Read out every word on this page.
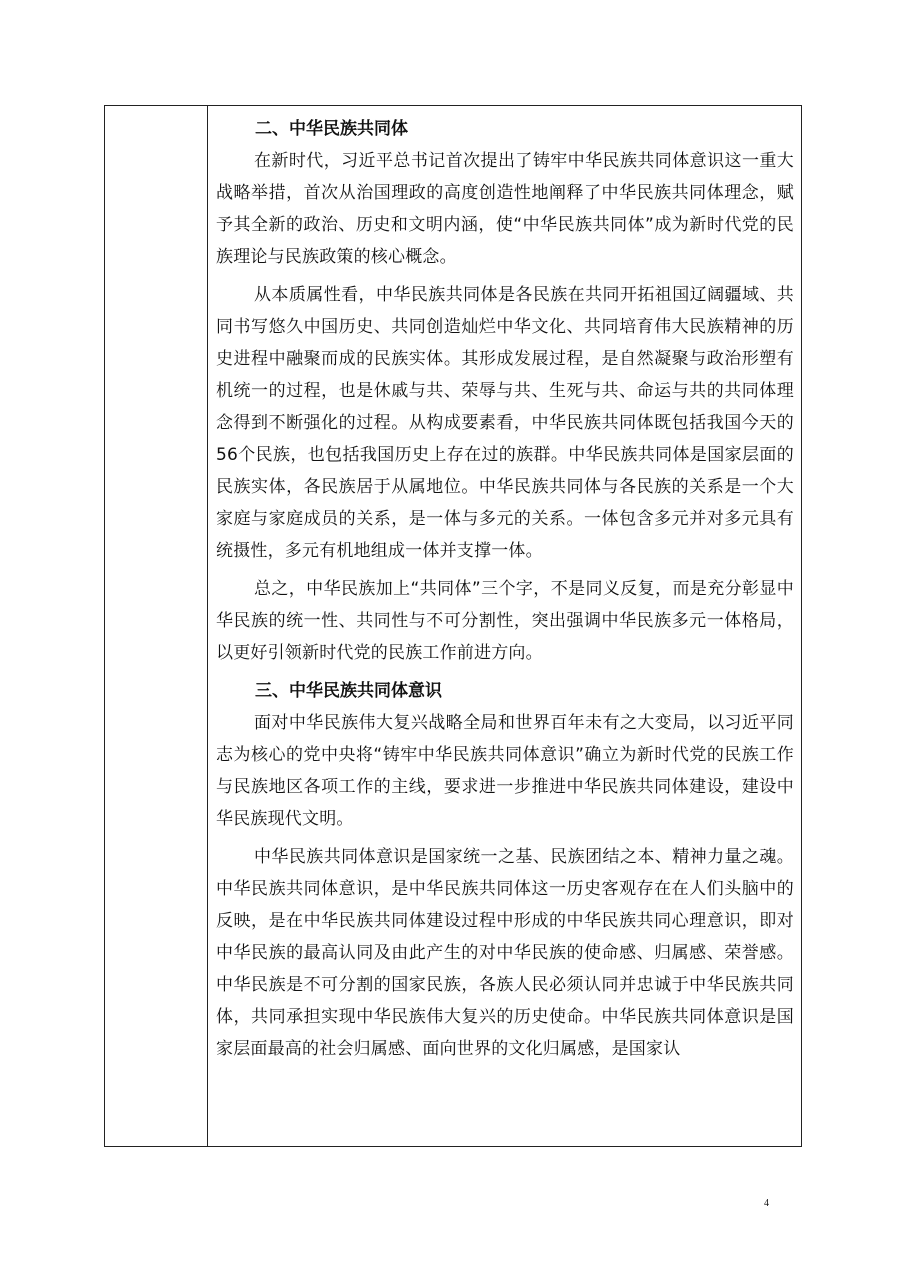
二、中华民族共同体

在新时代，习近平总书记首次提出了铸牢中华民族共同体意识这一重大战略举措，首次从治国理政的高度创造性地阐释了中华民族共同体理念，赋予其全新的政治、历史和文明内涵，使“中华民族共同体”成为新时代党的民族理论与民族政策的核心概念。

从本质属性看，中华民族共同体是各民族在共同开拓祖国辽阔疆域、共同书写悠久中国历史、共同创造灿烂中华文化、共同培育伟大民族精神的历史进程中融聚而成的民族实体。其形成发展过程，是自然凝聚与政治形塑有机统一的过程，也是休戚与共、荣辱与共、生死与共、命运与共的共同体理念得到不断强化的过程。从构成要素看，中华民族共同体既包括我国今天的56个民族，也包括我国历史上存在过的族群。中华民族共同体是国家层面的民族实体，各民族居于从属地位。中华民族共同体与各民族的关系是一个大家庭与家庭成员的关系，是一体与多元的关系。一体包含多元并对多元具有统摄性，多元有机地组成一体并支撑一体。

总之，中华民族加上“共同体”三个字，不是同义反复，而是充分彰显中华民族的统一性、共同性与不可分割性，突出强调中华民族多元一体格局，以更好引领新时代党的民族工作前进方向。

三、中华民族共同体意识

面对中华民族伟大复兴战略全局和世界百年未有之大变局，以习近平同志为核心的党中央将“铸牢中华民族共同体意识”确立为新时代党的民族工作与民族地区各项工作的主线，要求进一步推进中华民族共同体建设，建设中华民族现代文明。

中华民族共同体意识是国家统一之基、民族团结之本、精神力量之魂。中华民族共同体意识，是中华民族共同体这一历史客观存在在人们头脑中的反映，是在中华民族共同体建设过程中形成的中华民族共同心理意识，即对中华民族的最高认同及由此产生的对中华民族的使命感、归属感、荣誉感。中华民族是不可分割的国家民族，各族人民必须认同并忠诚于中华民族共同体，共同承担实现中华民族伟大复兴的历史使命。中华民族共同体意识是国家层面最高的社会归属感、面向世界的文化归属感，是国家认

4
